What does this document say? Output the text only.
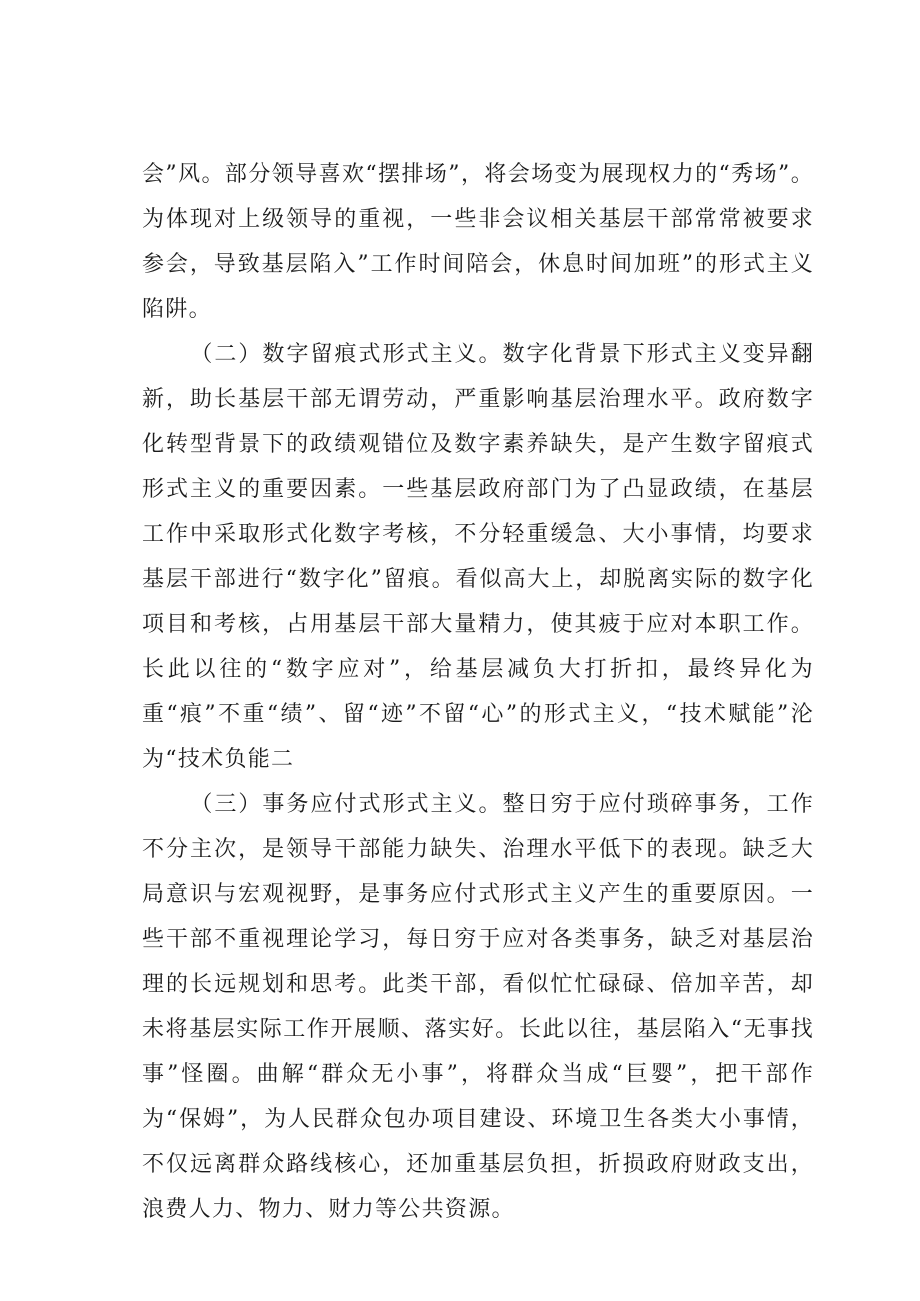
会”风。部分领导喜欢“摆排场”，将会场变为展现权力的“秀场”。为体现对上级领导的重视，一些非会议相关基层干部常常被要求参会，导致基层陷入”工作时间陪会，休息时间加班”的形式主义陷阱。

（二）数字留痕式形式主义。数字化背景下形式主义变异翻新，助长基层干部无谓劳动，严重影响基层治理水平。政府数字化转型背景下的政绩观错位及数字素养缺失，是产生数字留痕式形式主义的重要因素。一些基层政府部门为了凸显政绩，在基层工作中采取形式化数字考核，不分轻重缓急、大小事情，均要求基层干部进行“数字化”留痕。看似高大上，却脱离实际的数字化项目和考核，占用基层干部大量精力，使其疲于应对本职工作。长此以往的“数字应对”，给基层减负大打折扣，最终异化为重“痕”不重“绩”、留“迹”不留“心”的形式主义，“技术赋能”沦为“技术负能二

（三）事务应付式形式主义。整日穷于应付琐碎事务，工作不分主次，是领导干部能力缺失、治理水平低下的表现。缺乏大局意识与宏观视野，是事务应付式形式主义产生的重要原因。一些干部不重视理论学习，每日穷于应对各类事务，缺乏对基层治理的长远规划和思考。此类干部，看似忙忙碌碌、倍加辛苦，却未将基层实际工作开展顺、落实好。长此以往，基层陷入“无事找事”怪圈。曲解“群众无小事”，将群众当成“巨婴”，把干部作为“保姆”，为人民群众包办项目建设、环境卫生各类大小事情，不仅远离群众路线核心，还加重基层负担，折损政府财政支出，浪费人力、物力、财力等公共资源。
